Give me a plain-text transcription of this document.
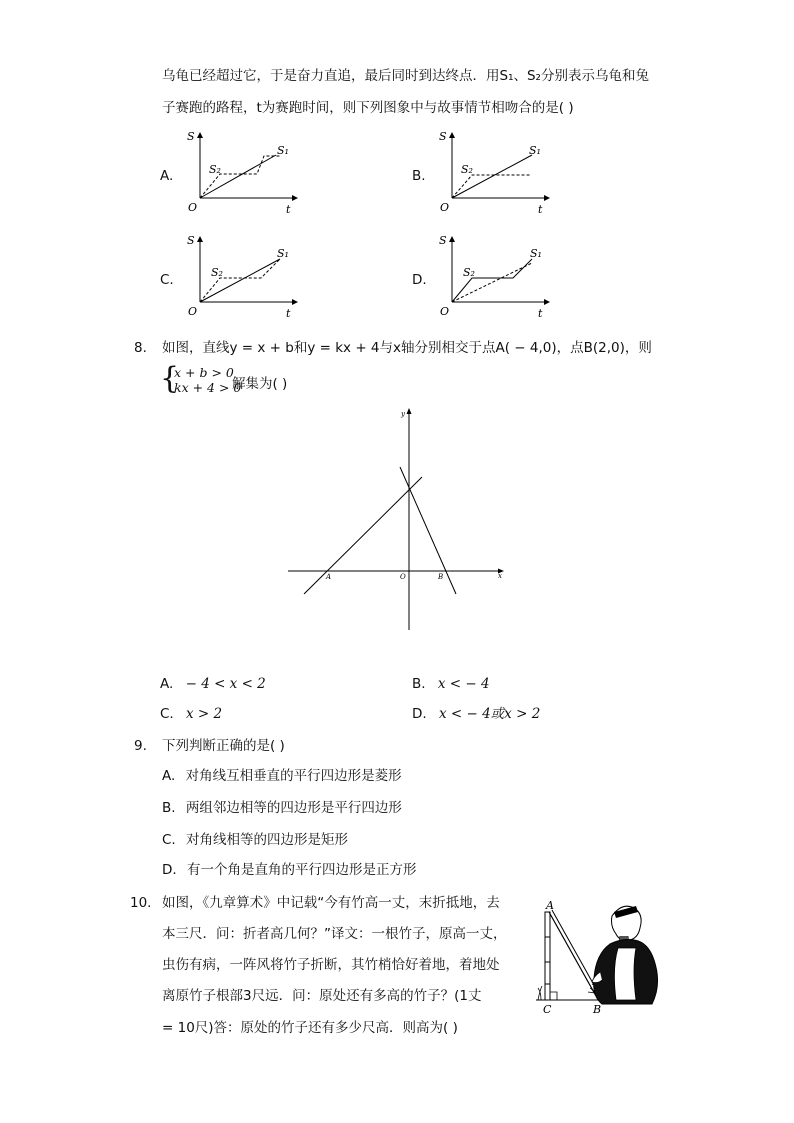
乌龟已经超过它，于是奋力直追，最后同时到达终点．用S₁、S₂分别表示乌龟和兔
子赛跑的路程，t为赛跑时间，则下列图象中与故事情节相吻合的是( )
A.
S
t
O
S₁
S₂	B.
S
t
O
S₁
S₂
C.
S
t
O
S₁
S₂	D.
S
t
O
S₁
S₂
8. 如图，直线y = x + b和y = kx + 4与x轴分别相交于点A( − 4,0)，点B(2,0)，则
{
x + b > 0
kx + 4 > 0
解集为( )
y
x
O
A	B
A. − 4 < x < 2	B. x < − 4
C. x > 2	D. x < − 4或x > 2
9. 下列判断正确的是( )
A. 对角线互相垂直的平行四边形是菱形
B. 两组邻边相等的四边形是平行四边形
C. 对角线相等的四边形是矩形
D. 有一个角是直角的平行四边形是正方形
10. 如图，《九章算术》中记载“今有竹高一丈，末折抵地，去
本三尺．问：折者高几何？”译文：一根竹子，原高一丈，
虫伤有病，一阵风将竹子折断，其竹梢恰好着地，着地处
离原竹子根部3尺远．问：原处还有多高的竹子？(1丈
= 10尺)答：原处的竹子还有多少尺高．则高为( )
A
C	B
